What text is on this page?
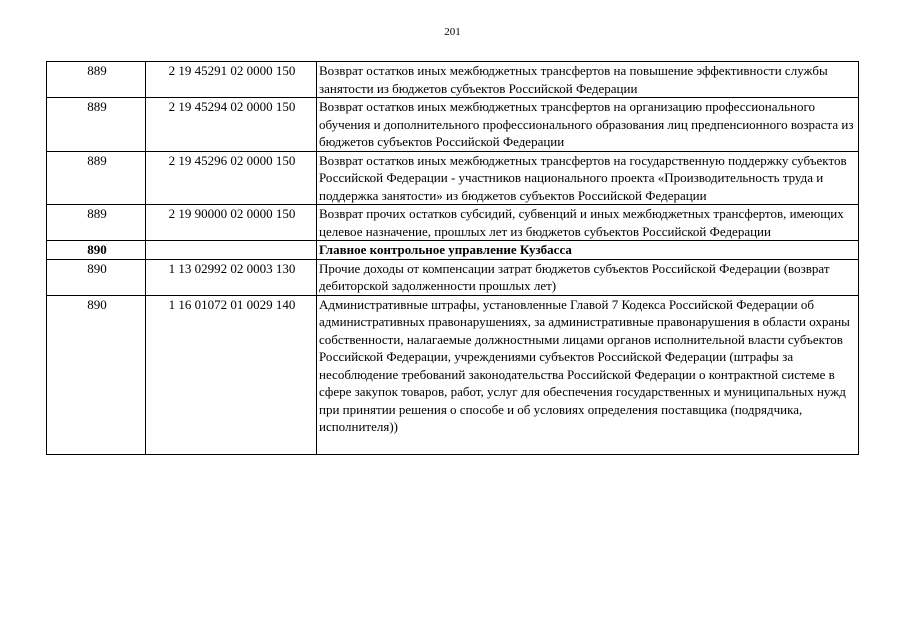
201
889	2 19 45291 02 0000 150	Возврат остатков иных межбюджетных трансфертов на повышение эффективности службы занятости из бюджетов субъектов Российской Федерации
889	2 19 45294 02 0000 150	Возврат остатков иных межбюджетных трансфертов на организацию профессионального обучения и дополнительного профессионального образования лиц предпенсионного возраста из бюджетов субъектов Российской Федерации
889	2 19 45296 02 0000 150	Возврат остатков иных межбюджетных трансфертов на государственную поддержку субъектов Российской Федерации - участников национального проекта «Производительность труда и поддержка занятости» из бюджетов субъектов Российской Федерации
889	2 19 90000 02 0000 150	Возврат прочих остатков субсидий, субвенций и иных межбюджетных трансфертов, имеющих целевое назначение, прошлых лет из бюджетов субъектов Российской Федерации
890		Главное контрольное управление Кузбасса
890	1 13 02992 02 0003 130	Прочие доходы от компенсации затрат бюджетов субъектов Российской Федерации (возврат дебиторской задолженности прошлых лет)
890	1 16 01072 01 0029 140	Административные штрафы, установленные Главой 7 Кодекса Российской Федерации об административных правонарушениях, за административные правонарушения в области охраны собственности, налагаемые должностными лицами органов исполнительной власти субъектов Российской Федерации, учреждениями субъектов Российской Федерации (штрафы за несоблюдение требований законодательства Российской Федерации о контрактной системе в сфере закупок товаров, работ, услуг для обеспечения государственных и муниципальных нужд при принятии решения о способе и об условиях определения поставщика (подрядчика, исполнителя))
